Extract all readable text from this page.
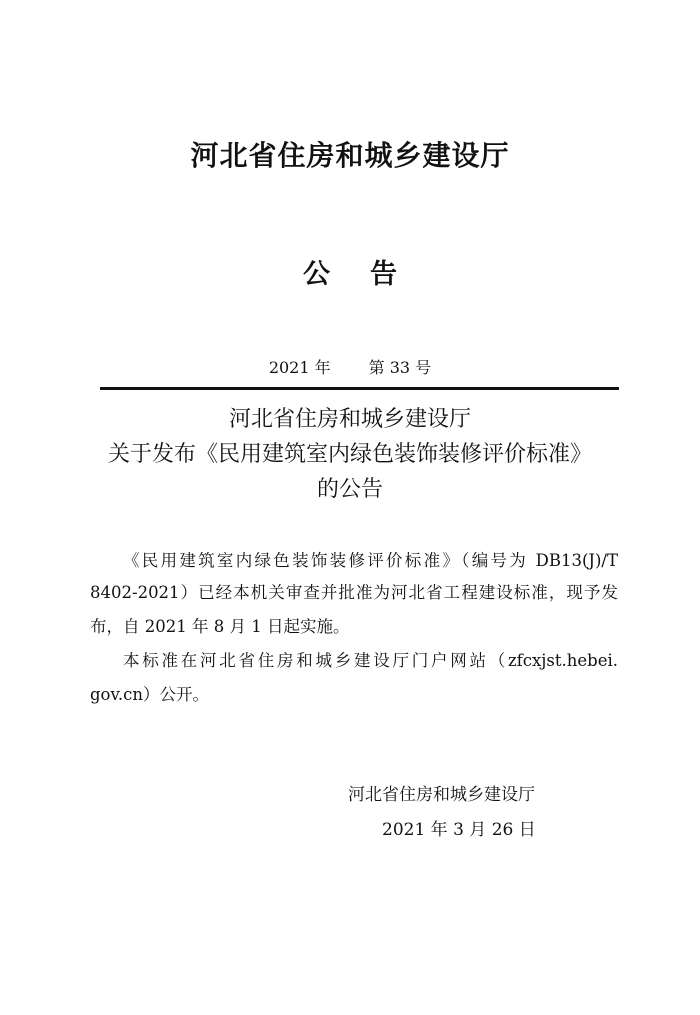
河北省住房和城乡建设厅
公告
2021 年 第 33 号
河北省住房和城乡建设厅
关于发布《民用建筑室内绿色装饰装修评价标准》
的公告
《民用建筑室内绿色装饰装修评价标准》（编号为 DB13(J)/T
8402-2021）已经本机关审查并批准为河北省工程建设标准，现予发
布，自 2021 年 8 月 1 日起实施。
本标准在河北省住房和城乡建设厅门户网站（zfcxjst.hebei.
gov.cn）公开。
河北省住房和城乡建设厅
2021 年 3 月 26 日
